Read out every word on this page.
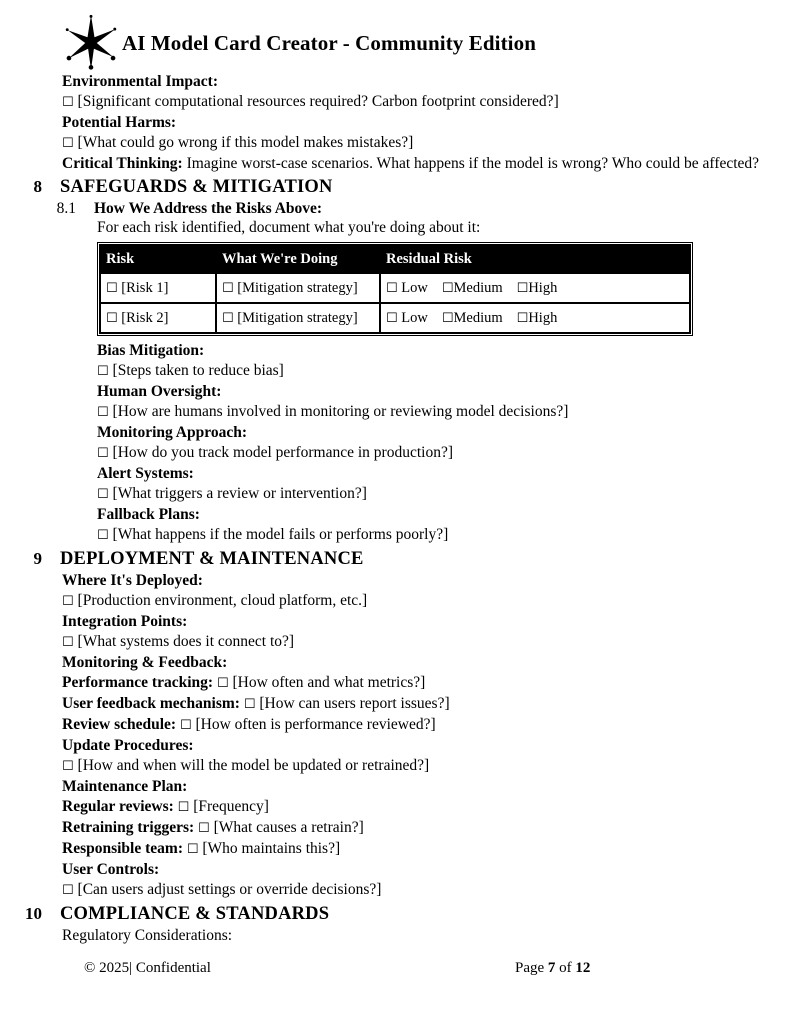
AI Model Card Creator - Community Edition
Environmental Impact:
☐ [Significant computational resources required? Carbon footprint considered?]
Potential Harms:
☐ [What could go wrong if this model makes mistakes?]
Critical Thinking: Imagine worst-case scenarios. What happens if the model is wrong? Who could be affected?
8 SAFEGUARDS & MITIGATION
8.1 How We Address the Risks Above:
For each risk identified, document what you're doing about it:
Risk	What We're Doing	Residual Risk
☐ [Risk 1]	☐ [Mitigation strategy]	☐ Low ☐Medium ☐High
☐ [Risk 2]	☐ [Mitigation strategy]	☐ Low ☐Medium ☐High
Bias Mitigation:
☐ [Steps taken to reduce bias]
Human Oversight:
☐ [How are humans involved in monitoring or reviewing model decisions?]
Monitoring Approach:
☐ [How do you track model performance in production?]
Alert Systems:
☐ [What triggers a review or intervention?]
Fallback Plans:
☐ [What happens if the model fails or performs poorly?]
9 DEPLOYMENT & MAINTENANCE
Where It's Deployed:
☐ [Production environment, cloud platform, etc.]
Integration Points:
☐ [What systems does it connect to?]
Monitoring & Feedback:
Performance tracking: ☐ [How often and what metrics?]
User feedback mechanism: ☐ [How can users report issues?]
Review schedule: ☐ [How often is performance reviewed?]
Update Procedures:
☐ [How and when will the model be updated or retrained?]
Maintenance Plan:
Regular reviews: ☐ [Frequency]
Retraining triggers: ☐ [What causes a retrain?]
Responsible team: ☐ [Who maintains this?]
User Controls:
☐ [Can users adjust settings or override decisions?]
10 COMPLIANCE & STANDARDS
Regulatory Considerations:
© 2025| Confidential	Page 7 of 12
